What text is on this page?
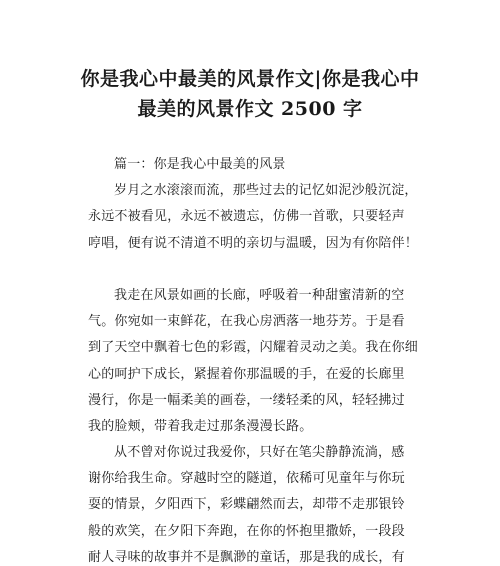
你是我心中最美的风景作文|你是我心中
最美的风景作文 2500 字

篇一：你是我心中最美的风景

岁月之水滚滚而流，那些过去的记忆如泥沙般沉淀，

永远不被看见，永远不被遗忘，仿佛一首歌，只要轻声

哼唱，便有说不清道不明的亲切与温暖，因为有你陪伴！

我走在风景如画的长廊，呼吸着一种甜蜜清新的空

气。你宛如一束鲜花，在我心房洒落一地芬芳。于是看

到了天空中飘着七色的彩霞，闪耀着灵动之美。我在你细

心的呵护下成长，紧握着你那温暖的手，在爱的长廊里

漫行，你是一幅柔美的画卷，一缕轻柔的风，轻轻拂过

我的脸颊，带着我走过那条漫漫长路。

从不曾对你说过我爱你，只好在笔尖静静流淌，感

谢你给我生命。穿越时空的隧道，依稀可见童年与你玩

耍的情景，夕阳西下，彩蝶翩然而去，却带不走那银铃

般的欢笑，在夕阳下奔跑，在你的怀抱里撒娇，一段段

耐人寻味的故事并不是飘渺的童话，那是我的成长，有
